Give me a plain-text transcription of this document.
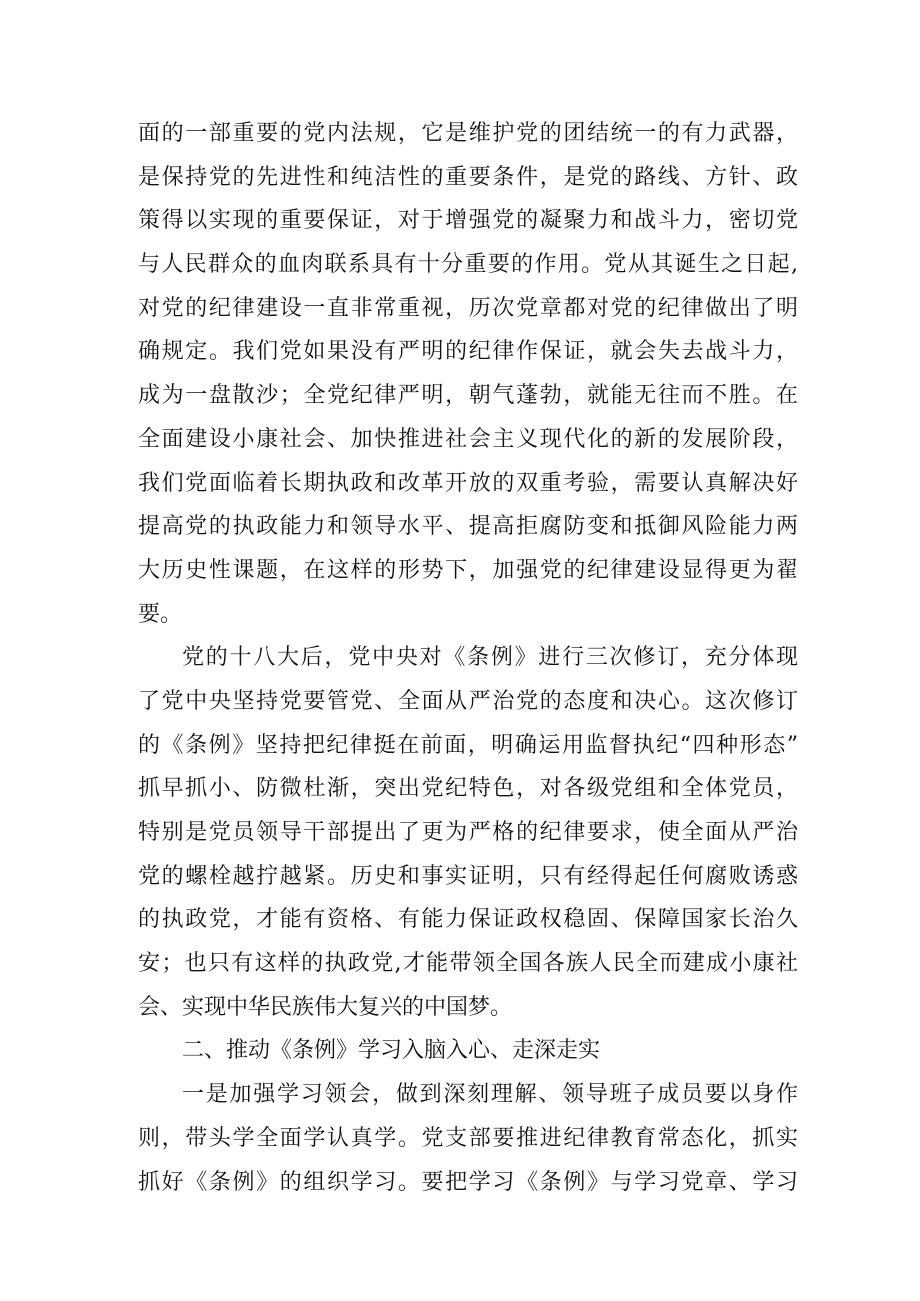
面的一部重要的党内法规，它是维护党的团结统一的有力武器，
是保持党的先进性和纯洁性的重要条件，是党的路线、方针、政
策得以实现的重要保证，对于增强党的凝聚力和战斗力，密切党
与人民群众的血肉联系具有十分重要的作用。党从其诞生之日起,
对党的纪律建设一直非常重视，历次党章都对党的纪律做出了明
确规定。我们党如果没有严明的纪律作保证，就会失去战斗力，
成为一盘散沙；全党纪律严明，朝气蓬勃，就能无往而不胜。在
全面建设小康社会、加快推进社会主义现代化的新的发展阶段，
我们党面临着长期执政和改革开放的双重考验，需要认真解决好
提高党的执政能力和领导水平、提高拒腐防变和抵御风险能力两
大历史性课题，在这样的形势下，加强党的纪律建设显得更为翟
要。
党的十八大后，党中央对《条例》进行三次修订，充分体现
了党中央坚持党要管党、全面从严治党的态度和决心。这次修订
的《条例》坚持把纪律挺在前面，明确运用监督执纪“四种形态”
抓早抓小、防微杜渐，突出党纪特色，对各级党组和全体党员，
特别是党员领导干部提出了更为严格的纪律要求，使全面从严治
党的螺栓越拧越紧。历史和事实证明，只有经得起任何腐败诱惑
的执政党，才能有资格、有能力保证政权稳固、保障国家长治久
安；也只有这样的执政党,才能带领全国各族人民全而建成小康社
会、实现中华民族伟大复兴的中国梦。
二、推动《条例》学习入脑入心、走深走实
一是加强学习领会，做到深刻理解、领导班子成员要以身作
则，带头学全面学认真学。党支部要推进纪律教育常态化，抓实
抓好《条例》的组织学习。要把学习《条例》与学习党章、学习
